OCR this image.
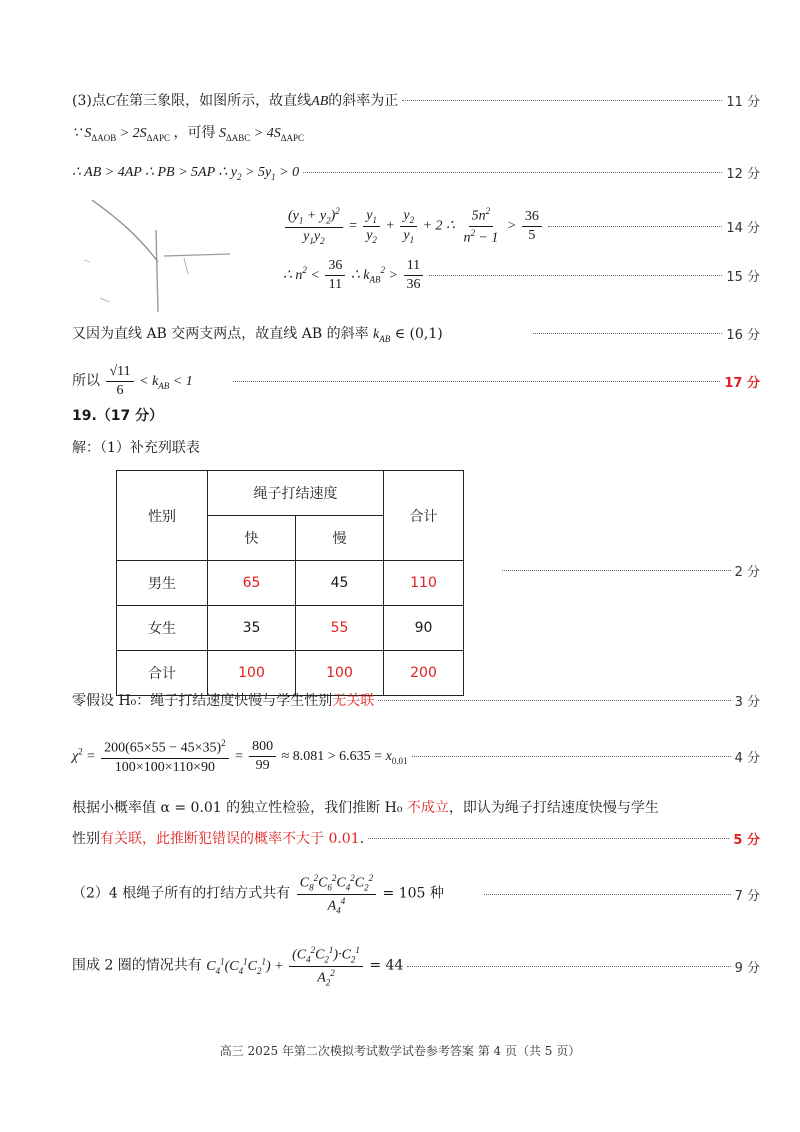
(3)点C在第三象限，如图所示，故直线AB的斜率为正	11 分
∵ $S_{\Delta AOB} > 2S_{\Delta APC}$ ，可得 $S_{\Delta ABC} > 4S_{\Delta APC}$
∴ AB > 4AP ∴ PB > 5AP ∴ $y_2 > 5y_1 > 0$	12 分
$\frac{(y_1 + y_2)^2}{y_1y_2} = \frac{y_1}{y_2} + \frac{y_2}{y_1} + 2$ ∴ $\frac{5n^2}{n^2 - 1} > \frac{36}{5}$	14 分
∴ $n^2 < \frac{36}{11}$ ∴ $k_{AB}^2 > \frac{11}{36}$	15 分
又因为直线 AB 交两支两点，故直线 AB 的斜率 $k_{AB}$ ∈ (0,1)	16 分
所以 $\frac{√11}{6} < k_{AB} < 1$	17 分
19.（17 分）
解：（1）补充列联表
性别	绳子打结速度		合计
	快	慢	
男生	65	45	110
女生	35	55	90
合计	100	100	200
2 分
零假设 H₀：绳子打结速度快慢与学生性别无关联	3 分
$\chi^2 = \frac{200(65\times 55 - 45\times 35)^2}{100\times 100\times 110\times 90} = \frac{800}{99} \approx 8.081 > 6.635 = x_{0.01}$	4 分
根据小概率值 α = 0.01 的独立性检验，我们推断 H₀ 不成立，即认为绳子打结速度快慢与学生
性别有关联，此推断犯错误的概率不大于 0.01.	5 分
（2）4 根绳子所有的打结方式共有 $\frac{C_8^2C_6^2C_4^2C_2^2}{A_4^4} = 105$ 种	7 分
围成 2 圈的情况共有 $C_4^1(C_4^1C_2^1) + \frac{(C_4^2C_2^1)\cdot C_2^1}{A_2^2} = 44$	9 分
高三 2025 年第二次模拟考试数学试卷参考答案 第 4 页（共 5 页）
